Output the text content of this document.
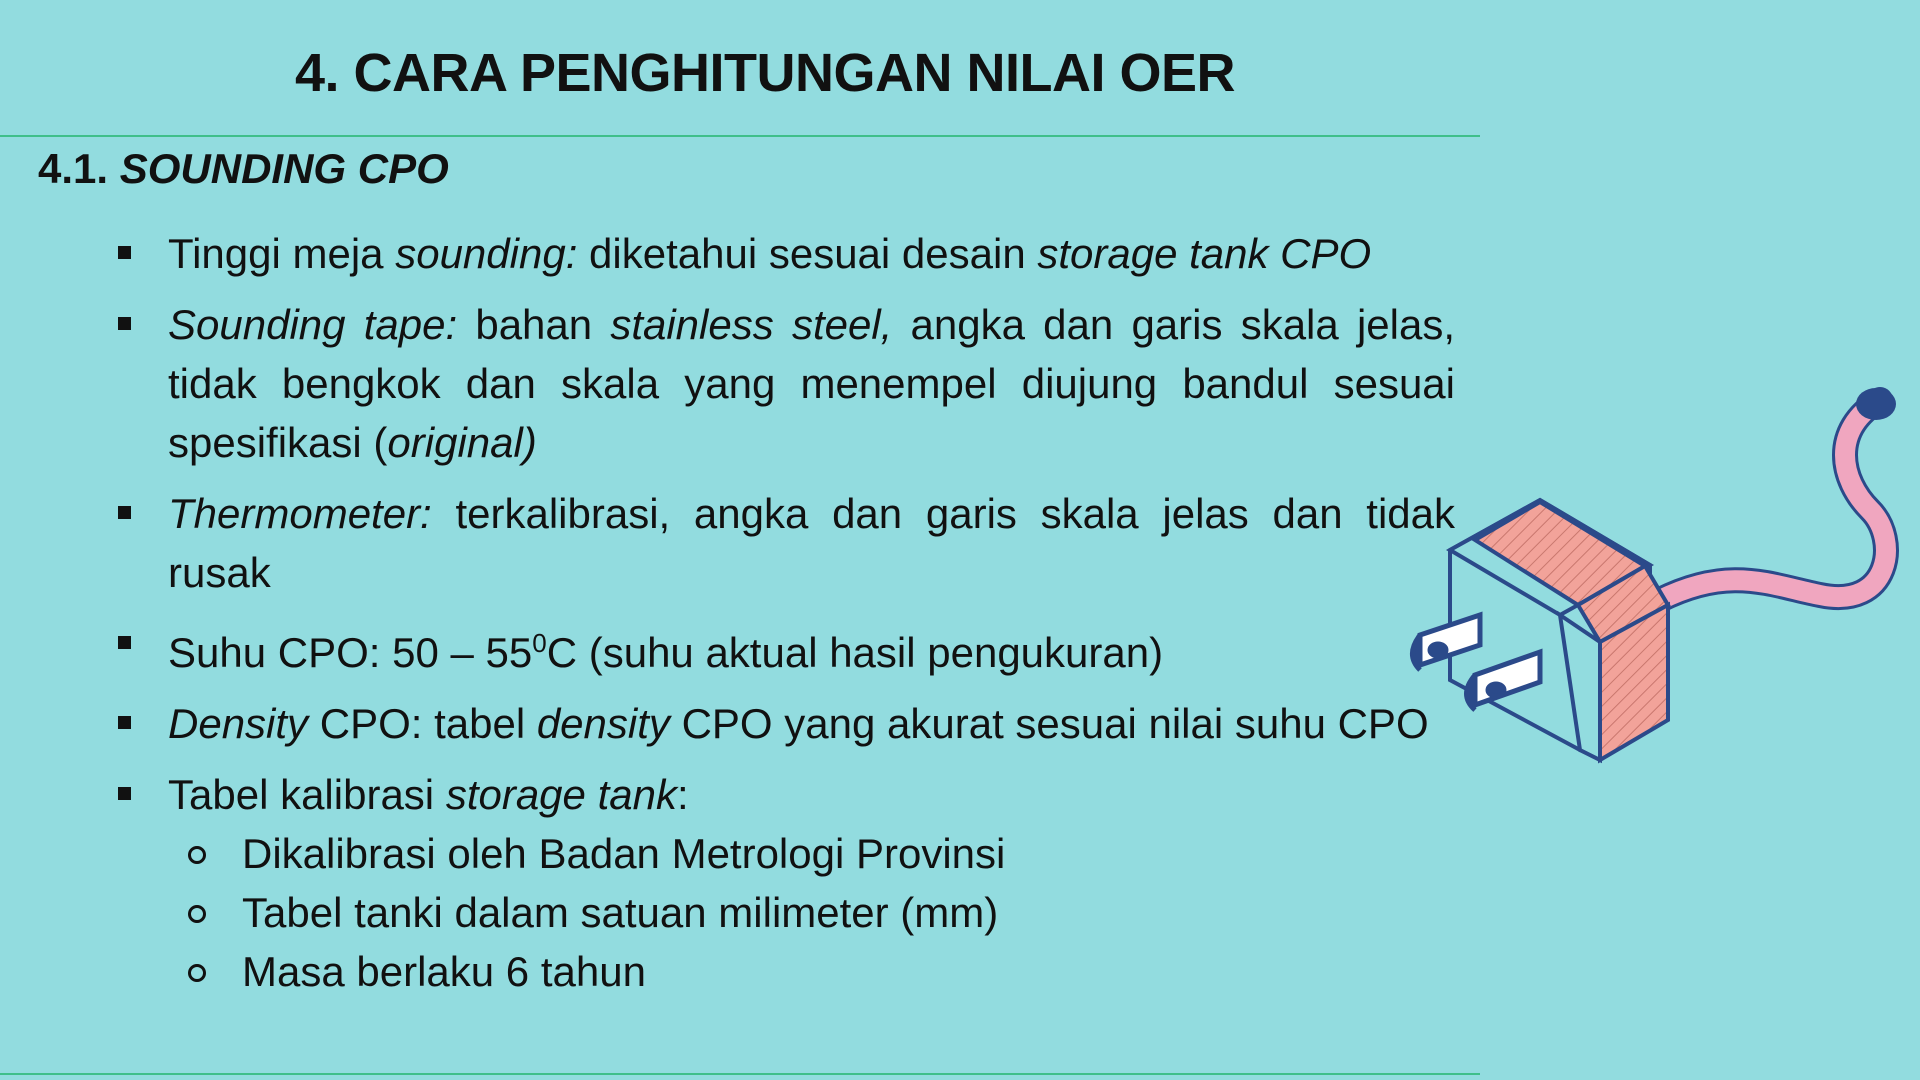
4. CARA PENGHITUNGAN NILAI OER
4.1. SOUNDING CPO
Tinggi meja sounding: diketahui sesuai desain storage tank CPO
Sounding tape: bahan stainless steel, angka dan garis skala jelas, tidak bengkok dan skala yang menempel diujung bandul sesuai spesifikasi (original)
Thermometer: terkalibrasi, angka dan garis skala jelas dan tidak rusak
Suhu CPO: $50 - 55^0C$ (suhu aktual hasil pengukuran)
Density CPO: tabel density CPO yang akurat sesuai nilai suhu CPO
Tabel kalibrasi storage tank:
Dikalibrasi oleh Badan Metrologi Provinsi
Tabel tanki dalam satuan milimeter (mm)
Masa berlaku 6 tahun
